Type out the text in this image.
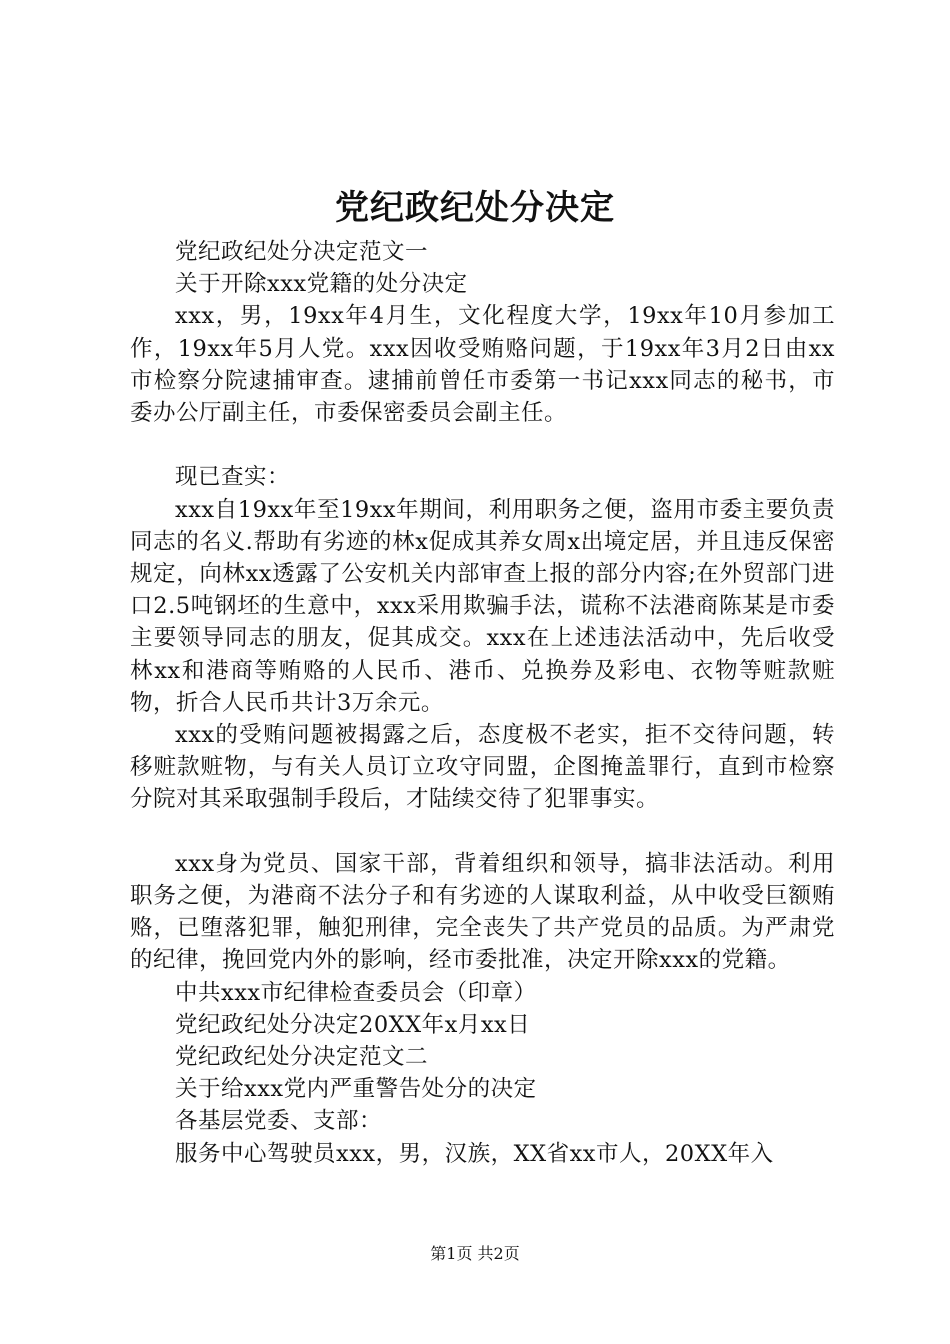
党纪政纪处分决定

党纪政纪处分决定范文一

关于开除xxx党籍的处分决定

xxx，男，19xx年4月生，文化程度大学，19xx年10月参加工作，19xx年5月人党。xxx因收受贿赂问题，于19xx年3月2日由xx市检察分院逮捕审查。逮捕前曾任市委第一书记xxx同志的秘书，市委办公厅副主任，市委保密委员会副主任。

现已查实：

xxx自19xx年至19xx年期间，利用职务之便，盗用市委主要负责同志的名义.帮助有劣迹的林x促成其养女周x出境定居，并且违反保密规定，向林xx透露了公安机关内部审查上报的部分内容;在外贸部门进口2.5吨钢坯的生意中，xxx采用欺骗手法，谎称不法港商陈某是市委主要领导同志的朋友，促其成交。xxx在上述违法活动中，先后收受林xx和港商等贿赂的人民币、港币、兑换券及彩电、衣物等赃款赃物，折合人民币共计3万余元。

xxx的受贿问题被揭露之后，态度极不老实，拒不交待问题，转移赃款赃物，与有关人员订立攻守同盟，企图掩盖罪行，直到市检察分院对其采取强制手段后，才陆续交待了犯罪事实。

xxx身为党员、国家干部，背着组织和领导，搞非法活动。利用职务之便，为港商不法分子和有劣迹的人谋取利益，从中收受巨额贿赂，已堕落犯罪，触犯刑律，完全丧失了共产党员的品质。为严肃党的纪律，挽回党内外的影响，经市委批准，决定开除xxx的党籍。

中共xxx市纪律检查委员会（印章）

党纪政纪处分决定20XX年x月xx日

党纪政纪处分决定范文二

关于给xxx党内严重警告处分的决定

各基层党委、支部：

服务中心驾驶员xxx，男，汉族，XX省xx市人，20XX年入

第1页 共2页
